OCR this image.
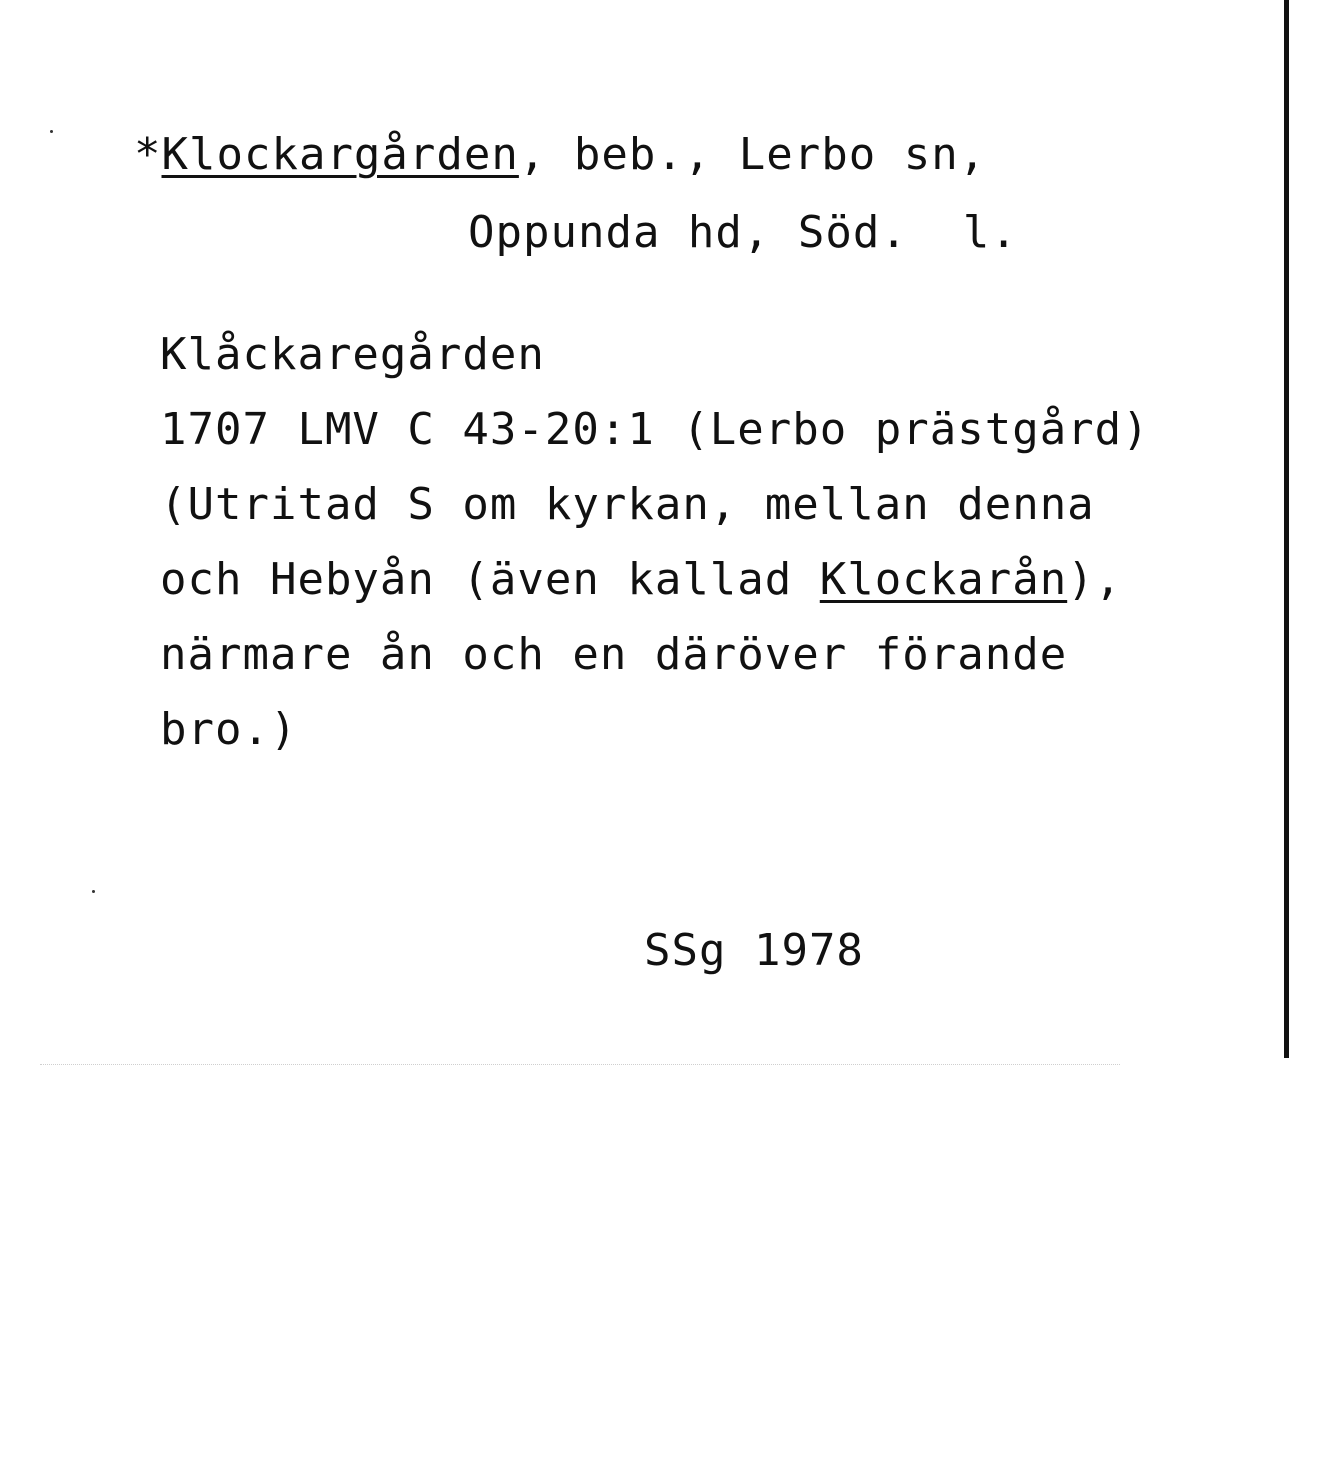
*Klockargården, beb., Lerbo sn,
Oppunda hd, Söd.  l.
Klåckaregården
1707 LMV C 43-20:1 (Lerbo prästgård)
(Utritad S om kyrkan, mellan denna
och Hebyån (även kallad Klockarån),
närmare ån och en däröver förande
bro.)
SSg 1978
